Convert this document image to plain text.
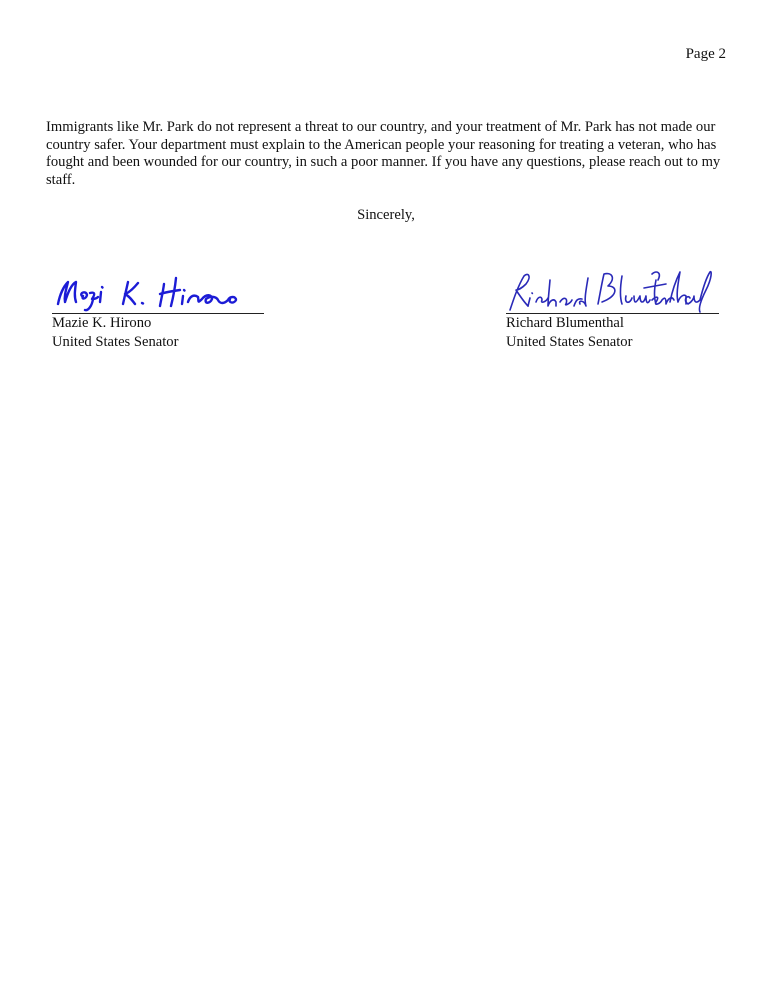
Page 2

Immigrants like Mr. Park do not represent a threat to our country, and your treatment of Mr. Park has not made our country safer. Your department must explain to the American people your reasoning for treating a veteran, who has fought and been wounded for our country, in such a poor manner. If you have any questions, please reach out to my staff.

Sincerely,
Mazie K. Hirono
United States Senator
Richard Blumenthal
United States Senator
